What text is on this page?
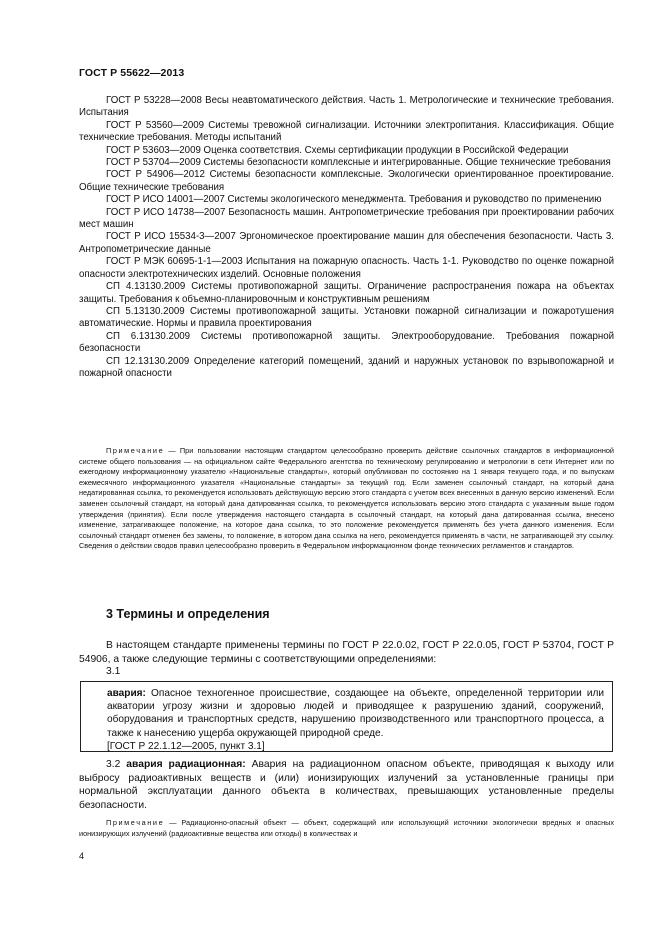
ГОСТ Р 55622—2013

ГОСТ Р 53228—2008 Весы неавтоматического действия. Часть 1. Метрологические и технические требования. Испытания

ГОСТ Р 53560—2009 Системы тревожной сигнализации. Источники электропитания. Классификация. Общие технические требования. Методы испытаний

ГОСТ Р 53603—2009 Оценка соответствия. Схемы сертификации продукции в Российской Федерации

ГОСТ Р 53704—2009 Системы безопасности комплексные и интегрированные. Общие технические требования

ГОСТ Р 54906—2012 Системы безопасности комплексные. Экологически ориентированное проектирование. Общие технические требования

ГОСТ Р ИСО 14001—2007 Системы экологического менеджмента. Требования и руководство по применению

ГОСТ Р ИСО 14738—2007 Безопасность машин. Антропометрические требования при проектировании рабочих мест машин

ГОСТ Р ИСО 15534-3—2007 Эргономическое проектирование машин для обеспечения безопасности. Часть 3. Антропометрические данные

ГОСТ Р МЭК 60695-1-1—2003 Испытания на пожарную опасность. Часть 1-1. Руководство по оценке пожарной опасности электротехнических изделий. Основные положения

СП 4.13130.2009 Системы противопожарной защиты. Ограничение распространения пожара на объектах защиты. Требования к объемно-планировочным и конструктивным решениям

СП 5.13130.2009 Системы противопожарной защиты. Установки пожарной сигнализации и пожаротушения автоматические. Нормы и правила проектирования

СП 6.13130.2009 Системы противопожарной защиты. Электрооборудование. Требования пожарной безопасности

СП 12.13130.2009 Определение категорий помещений, зданий и наружных установок по взрывопожарной и пожарной опасности

Примечание — При пользовании настоящим стандартом целесообразно проверить действие ссылочных стандартов в информационной системе общего пользования — на официальном сайте Федерального агентства по техническому регулированию и метрологии в сети Интернет или по ежегодному информационному указателю «Национальные стандарты», который опубликован по состоянию на 1 января текущего года, и по выпускам ежемесячного информационного указателя «Национальные стандарты» за текущий год. Если заменен ссылочный стандарт, на который дана недатированная ссылка, то рекомендуется использовать действующую версию этого стандарта с учетом всех внесенных в данную версию изменений. Если заменен ссылочный стандарт, на который дана датированная ссылка, то рекомендуется использовать версию этого стандарта с указанным выше годом утверждения (принятия). Если после утверждения настоящего стандарта в ссылочный стандарт, на который дана датированная ссылка, внесено изменение, затрагивающее положение, на которое дана ссылка, то это положение рекомендуется применять без учета данного изменения. Если ссылочный стандарт отменен без замены, то положение, в котором дана ссылка на него, рекомендуется применять в части, не затрагивающей эту ссылку. Сведения о действии сводов правил целесообразно проверить в Федеральном информационном фонде технических регламентов и стандартов.

3 Термины и определения

В настоящем стандарте применены термины по ГОСТ Р 22.0.02, ГОСТ Р 22.0.05, ГОСТ Р 53704, ГОСТ Р 54906, а также следующие термины с соответствующими определениями:

3.1

авария: Опасное техногенное происшествие, создающее на объекте, определенной территории или акватории угрозу жизни и здоровью людей и приводящее к разрушению зданий, сооружений, оборудования и транспортных средств, нарушению производственного или транспортного процесса, а также к нанесению ущерба окружающей природной среде.

[ГОСТ Р 22.1.12—2005, пункт 3.1]

3.2 авария радиационная: Авария на радиационном опасном объекте, приводящая к выходу или выбросу радиоактивных веществ и (или) ионизирующих излучений за установленные границы при нормальной эксплуатации данного объекта в количествах, превышающих установленные пределы безопасности.

Примечание — Радиационно-опасный объект — объект, содержащий или использующий источники экологически вредных и опасных ионизирующих излучений (радиоактивные вещества или отходы) в количествах и

4
